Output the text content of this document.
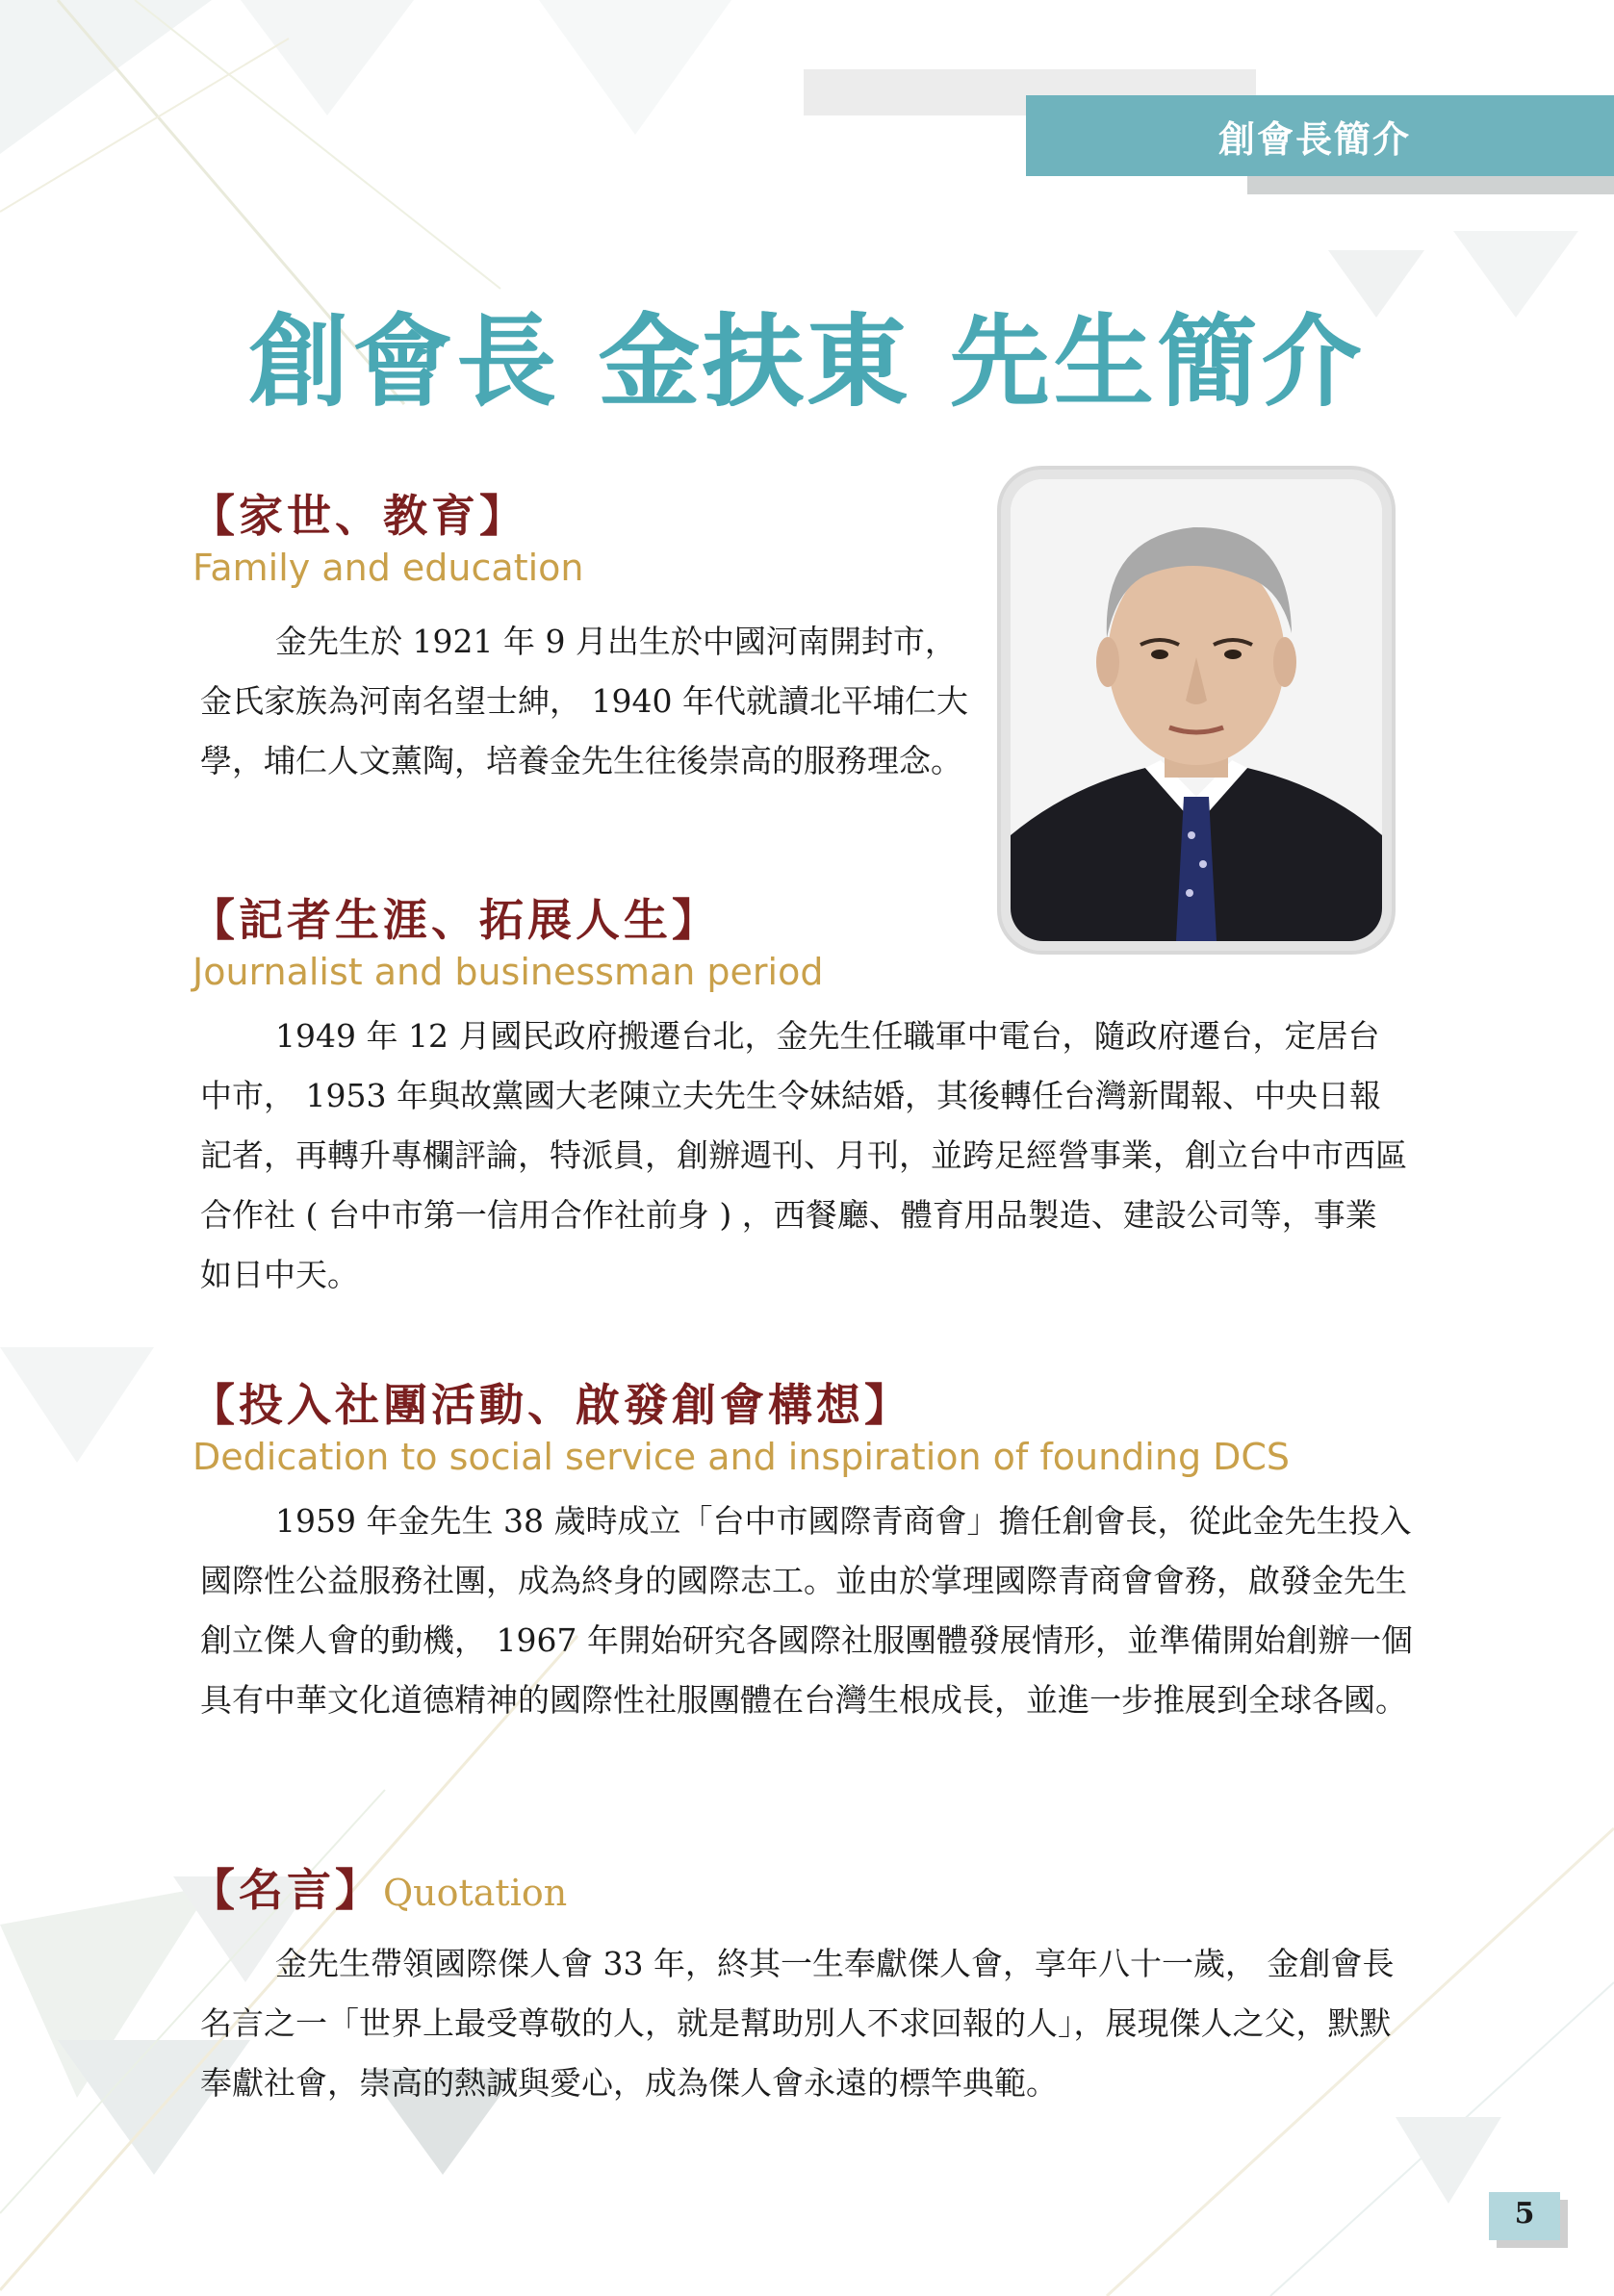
創會長簡介
創會長 金扶東 先生簡介
【家世、教育】
Family and education

金先生於 1921 年 9 月出生於中國河南開封市，金氏家族為河南名望士紳， 1940 年代就讀北平埔仁大學，埔仁人文薰陶，培養金先生往後崇高的服務理念。

【記者生涯、拓展人生】
Journalist and businessman period

1949 年 12 月國民政府搬遷台北，金先生任職軍中電台，隨政府遷台，定居台中市， 1953 年與故黨國大老陳立夫先生令妹結婚，其後轉任台灣新聞報、中央日報記者，再轉升專欄評論，特派員，創辦週刊、月刊，並跨足經營事業，創立台中市西區合作社 ( 台中市第一信用合作社前身 ) ，西餐廳、體育用品製造、建設公司等，事業如日中天。

【投入社團活動、啟發創會構想】
Dedication to social service and inspiration of founding DCS

1959 年金先生 38 歲時成立「台中市國際青商會」擔任創會長，從此金先生投入國際性公益服務社團，成為終身的國際志工。並由於掌理國際青商會會務，啟發金先生創立傑人會的動機， 1967 年開始研究各國際社服團體發展情形，並準備開始創辦一個具有中華文化道德精神的國際性社服團體在台灣生根成長，並進一步推展到全球各國。

【名言】Quotation

金先生帶領國際傑人會 33 年，終其一生奉獻傑人會，享年八十一歲， 金創會長名言之一「世界上最受尊敬的人，就是幫助別人不求回報的人」，展現傑人之父，默默奉獻社會，崇高的熱誠與愛心，成為傑人會永遠的標竿典範。

5
